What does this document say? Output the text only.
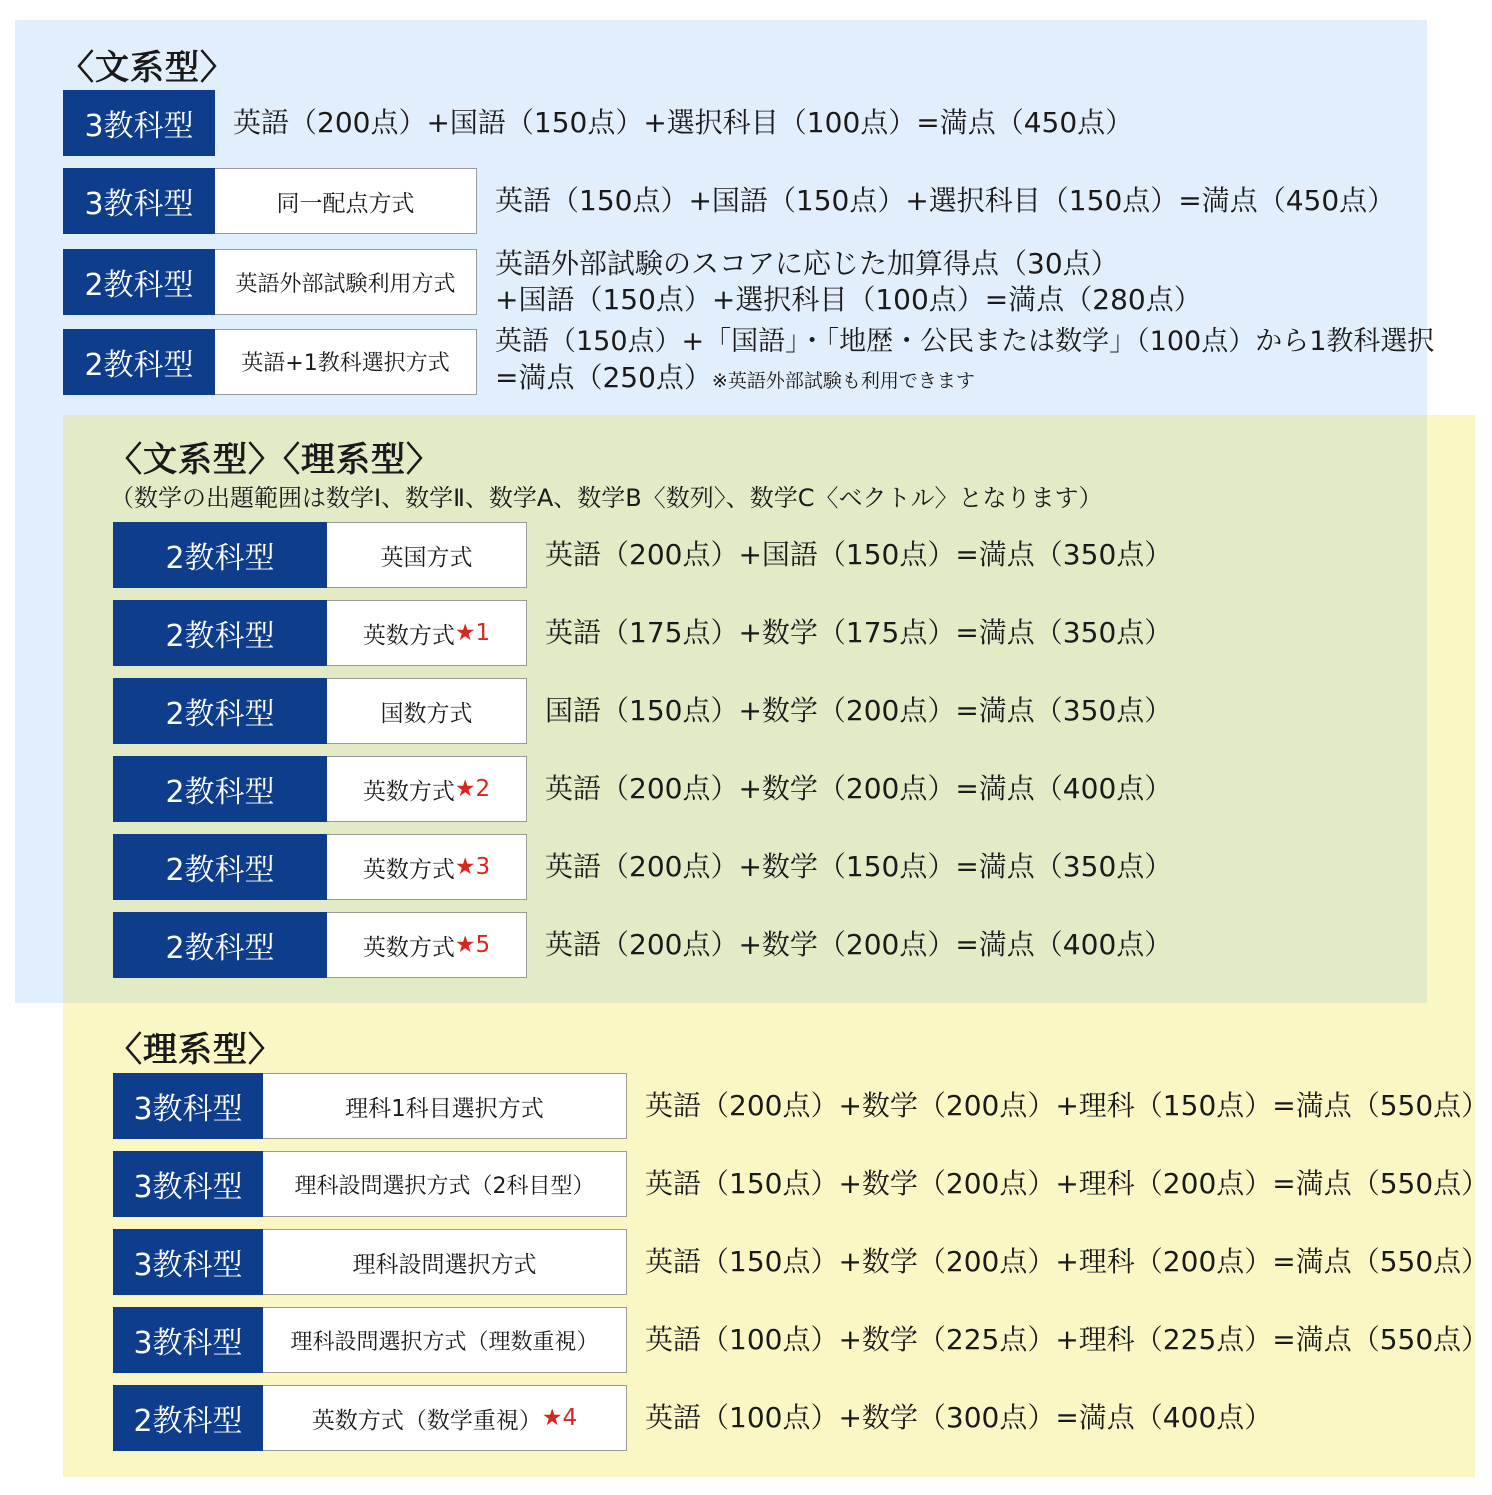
〈文系型〉
3教科型	英語（200点）+国語（150点）+選択科目（100点）=満点（450点）
3教科型	同一配点方式	英語（150点）+国語（150点）+選択科目（150点）=満点（450点）
2教科型	英語外部試験利用方式
英語外部試験のスコアに応じた加算得点（30点）
+国語（150点）+選択科目（100点）=満点（280点）
2教科型	英語+1教科選択方式
英語（150点）+「国語」・「地歴・公民または数学」（100点）から1教科選択
=満点（250点）※英語外部試験も利用できます
〈文系型〉〈理系型〉
（数学の出題範囲は数学Ⅰ、数学Ⅱ、数学A、数学B〈数列〉、数学C〈ベクトル〉となります）
2教科型	英国方式	英語（200点）+国語（150点）=満点（350点）
2教科型	英数方式 ★1 英語（175点）+数学（175点）=満点（350点）
2教科型	国数方式	国語（150点）+数学（200点）=満点（350点）
2教科型	英数方式 ★2 英語（200点）+数学（200点）=満点（400点）
2教科型	英数方式 ★3 英語（200点）+数学（150点）=満点（350点）
2教科型	英数方式 ★5 英語（200点）+数学（200点）=満点（400点）
〈理系型〉
3教科型	理科1科目選択方式	英語（200点）+数学（200点）+理科（150点）=満点（550点）
3教科型	理科設問選択方式（2科目型） 英語（150点）+数学（200点）+理科（200点）=満点（550点）
3教科型	理科設問選択方式	英語（150点）+数学（200点）+理科（200点）=満点（550点）
3教科型	理科設問選択方式（理数重視） 英語（100点）+数学（225点）+理科（225点）=満点（550点）
2教科型	英数方式（数学重視） ★4 英語（100点）+数学（300点）=満点（400点）
